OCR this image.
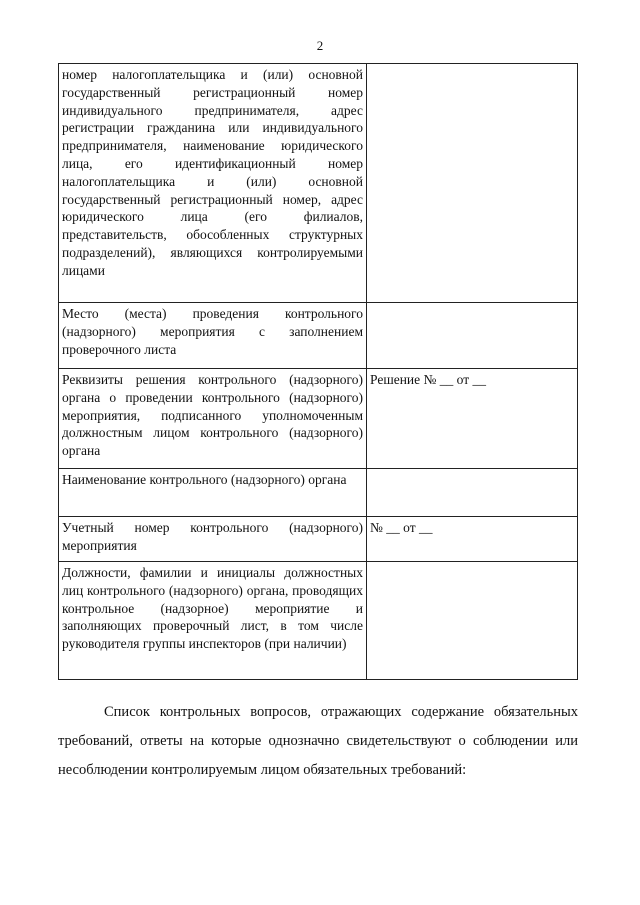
2
номер налогоплательщика и (или) основной государственный регистрационный номер индивидуального предпринимателя, адрес регистрации гражданина или индивидуального предпринимателя, наименование юридического лица, его идентификационный номер налогоплательщика и (или) основной государственный регистрационный номер, адрес юридического лица (его филиалов, представительств, обособленных структурных подразделений), являющихся контролируемыми лицами	
Место (места) проведения контрольного (надзорного) мероприятия с заполнением проверочного листа	
Реквизиты решения контрольного (надзорного) органа о проведении контрольного (надзорного) мероприятия, подписанного уполномоченным должностным лицом контрольного (надзорного) органа	Решение № __ от __
Наименование контрольного (надзорного) органа	
Учетный номер контрольного (надзорного) мероприятия	№ __ от __
Должности, фамилии и инициалы должностных лиц контрольного (надзорного) органа, проводящих контрольное (надзорное) мероприятие и заполняющих проверочный лист, в том числе руководителя группы инспекторов (при наличии)	

Список контрольных вопросов, отражающих содержание обязательных требований, ответы на которые однозначно свидетельствуют о соблюдении или несоблюдении контролируемым лицом обязательных требований:
